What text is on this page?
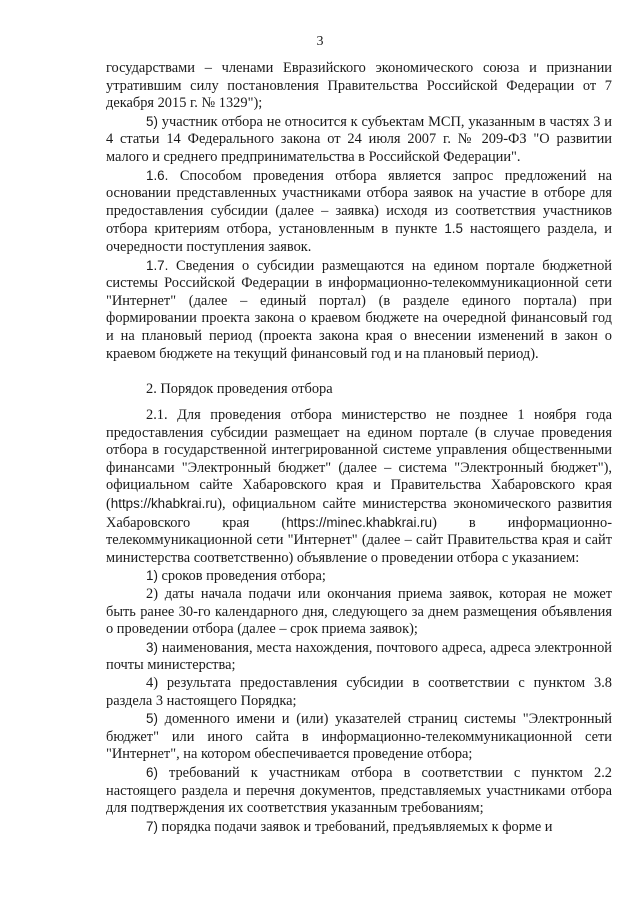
3

государствами – членами Евразийского экономического союза и признании утратившим силу постановления Правительства Российской Федерации от 7 декабря 2015 г. № 1329");

5) участник отбора не относится к субъектам МСП, указанным в частях 3 и 4 статьи 14 Федерального закона от 24 июля 2007 г. № 209-ФЗ "О развитии малого и среднего предпринимательства в Российской Федерации".

1.6. Способом проведения отбора является запрос предложений на основании представленных участниками отбора заявок на участие в отборе для предоставления субсидии (далее – заявка) исходя из соответствия участников отбора критериям отбора, установленным в пункте 1.5 настоящего раздела, и очередности поступления заявок.

1.7. Сведения о субсидии размещаются на едином портале бюджетной системы Российской Федерации в информационно-телекоммуникационной сети "Интернет" (далее – единый портал) (в разделе единого портала) при формировании проекта закона о краевом бюджете на очередной финансовый год и на плановый период (проекта закона края о внесении изменений в закон о краевом бюджете на текущий финансовый год и на плановый период).

2. Порядок проведения отбора

2.1. Для проведения отбора министерство не позднее 1 ноября года предоставления субсидии размещает на едином портале (в случае проведения отбора в государственной интегрированной системе управления общественными финансами "Электронный бюджет" (далее – система "Электронный бюджет"), официальном сайте Хабаровского края и Правительства Хабаровского края (https://khabkrai.ru), официальном сайте министерства экономического развития Хабаровского края (https://minec.khabkrai.ru) в информационно-телекоммуникационной сети "Интернет" (далее – сайт Правительства края и сайт министерства соответственно) объявление о проведении отбора с указанием:

1) сроков проведения отбора;

2) даты начала подачи или окончания приема заявок, которая не может быть ранее 30-го календарного дня, следующего за днем размещения объявления о проведении отбора (далее – срок приема заявок);

3) наименования, места нахождения, почтового адреса, адреса электронной почты министерства;

4) результата предоставления субсидии в соответствии с пунктом 3.8 раздела 3 настоящего Порядка;

5) доменного имени и (или) указателей страниц системы "Электронный бюджет" или иного сайта в информационно-телекоммуникационной сети "Интернет", на котором обеспечивается проведение отбора;

6) требований к участникам отбора в соответствии с пунктом 2.2 настоящего раздела и перечня документов, представляемых участниками отбора для подтверждения их соответствия указанным требованиям;

7) порядка подачи заявок и требований, предъявляемых к форме и
